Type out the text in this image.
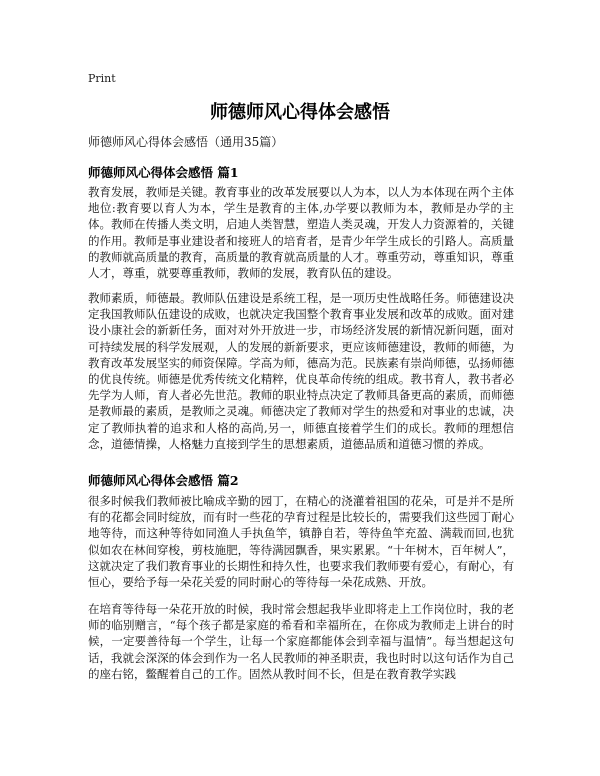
Print
师德师风心得体会感悟
师德师风心得体会感悟（通用35篇）
师德师风心得体会感悟 篇1

教育发展，教师是关键。教育事业的改革发展要以人为本，以人为本体现在两个主体地位:教育要以育人为本，学生是教育的主体,办学要以教师为本，教师是办学的主体。教师在传播人类文明，启迪人类智慧，塑造人类灵魂，开发人力资源着的，关键的作用。教师是事业建设者和接班人的培育者，是青少年学生成长的引路人。高质量的教师就高质量的教育，高质量的教育就高质量的人才。尊重劳动，尊重知识，尊重人才，尊重，就要尊重教师，教师的发展，教育队伍的建设。

教师素质，师德最。教师队伍建设是系统工程，是一项历史性战略任务。师德建设决定我国教师队伍建设的成败，也就决定我国整个教育事业发展和改革的成败。面对建设小康社会的新新任务，面对对外开放进一步，市场经济发展的新情况新问题，面对可持续发展的科学发展观，人的发展的新新要求，更应该师德建设，教师的师德，为教育改革发展坚实的师资保障。学高为师，德高为范。民族素有崇尚师德，弘扬师德的优良传统。师德是优秀传统文化精粹，优良革命传统的组成。教书育人，教书者必先学为人师，育人者必先世范。教师的职业特点决定了教师具备更高的素质，而师德是教师最的素质，是教师之灵魂。师德决定了教师对学生的热爱和对事业的忠诚，决定了教师执着的追求和人格的高尚,另一，师德直接着学生们的成长。教师的理想信念，道德情操，人格魅力直接到学生的思想素质，道德品质和道德习惯的养成。

师德师风心得体会感悟 篇2

很多时候我们教师被比喻成辛勤的园丁，在精心的浇灌着祖国的花朵，可是并不是所有的花都会同时绽放，而有时一些花的孕育过程是比较长的，需要我们这些园丁耐心地等待，而这种等待如同渔人手执鱼竿，镇静自若，等待鱼竿充盈、满载而回,也犹似如农在林间穿梭，剪枝施肥，等待满园飘香，果实累累。“十年树木，百年树人”，这就决定了我们教育事业的长期性和持久性，也要求我们教师要有爱心，有耐心，有恒心，要给予每一朵花关爱的同时耐心的等待每一朵花成熟、开放。

在培育等待每一朵花开放的时候，我时常会想起我毕业即将走上工作岗位时，我的老师的临别赠言，“每个孩子都是家庭的希看和幸福所在，在你成为教师走上讲台的时候，一定要善待每一个学生，让每一个家庭都能体会到幸福与温情”。每当想起这句话，我就会深深的体会到作为一名人民教师的神圣职责，我也时时以这句话作为自己的座右铭，鳖醒着自己的工作。固然从教时间不长，但是在教育教学实践
